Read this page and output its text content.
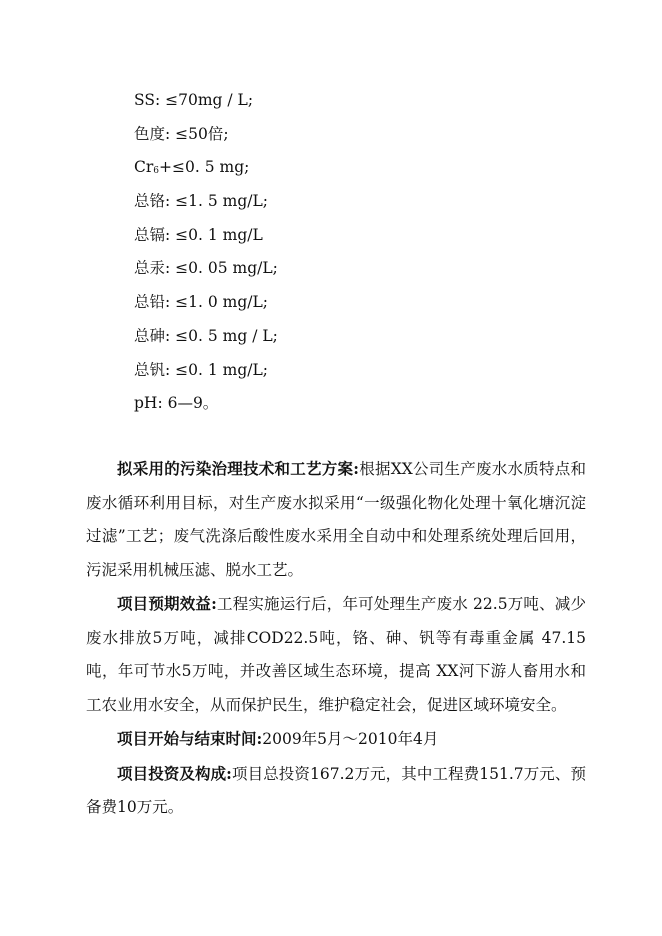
SS: ≤70mg / L;
色度: ≤50倍;
$Cr_6+\le 0$. 5 mg;
总铬: ≤1. 5 mg/L;
总镉: ≤0. 1 mg/L
总汞: ≤0. 05 mg/L;
总铅: ≤1. 0 mg/L;
总砷: ≤0. 5 mg / L;
总钒: ≤0. 1 mg/L;
pH: 6—9。

拟采用的污染治理技术和工艺方案:根据XX公司生产废水水质特点和废水循环利用目标，对生产废水拟采用“一级强化物化处理十氧化塘沉淀过滤”工艺；废气洗涤后酸性废水采用全自动中和处理系统处理后回用，污泥采用机械压滤、脱水工艺。

项目预期效益:工程实施运行后，年可处理生产废水 22.5万吨、减少废水排放5万吨，减排COD22.5吨，铬、砷、钒等有毒重金属 47.15吨，年可节水5万吨，并改善区域生态环境，提高 XX河下游人畜用水和工农业用水安全，从而保护民生，维护稳定社会，促进区域环境安全。

项目开始与结束时间:2009年5月～2010年4月

项目投资及构成:项目总投资167.2万元，其中工程费151.7万元、预备费10万元。
